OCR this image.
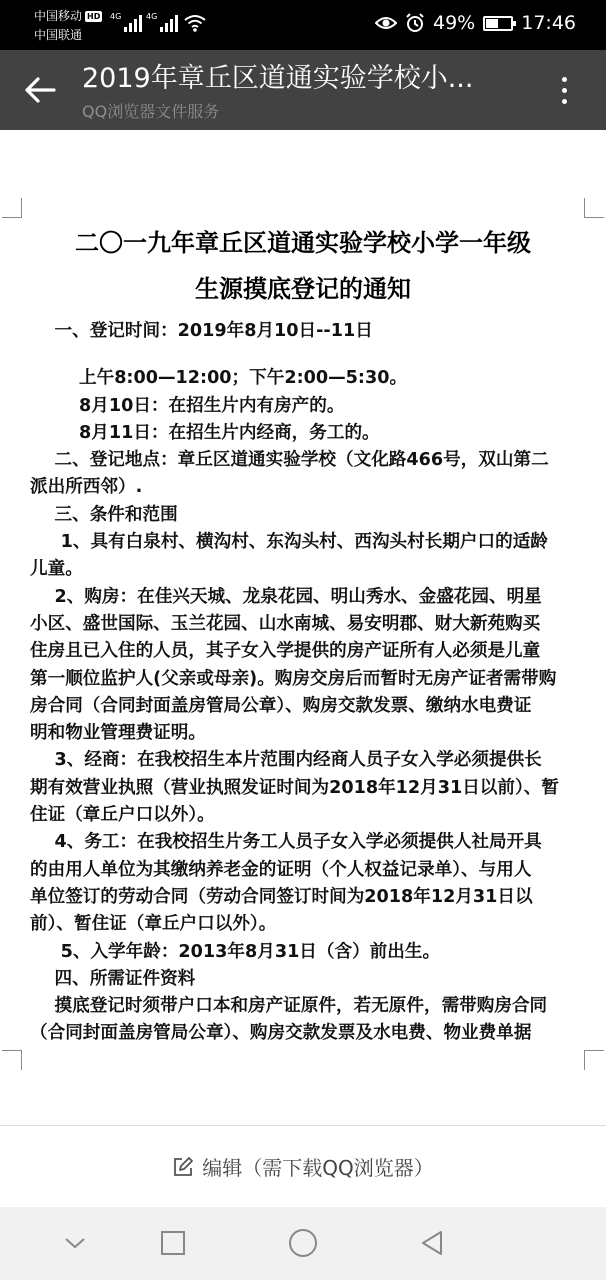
中国移动 HD
中国联通
4G	4G	49% 17:46
2019年章丘区道通实验学校小...
QQ浏览器文件服务
二〇一九年章丘区道通实验学校小学一年级
生源摸底登记的通知

一、登记时间：2019年8月10日--11日

上午8:00—12:00；下午2:00—5:30。

8月10日：在招生片内有房产的。

8月11日：在招生片内经商，务工的。

二、登记地点：章丘区道通实验学校（文化路466号，双山第二

派出所西邻）.

三、条件和范围

1、具有白泉村、横沟村、东沟头村、西沟头村长期户口的适龄

儿童。

2、购房：在佳兴天城、龙泉花园、明山秀水、金盛花园、明星

小区、盛世国际、玉兰花园、山水南城、易安明郡、财大新苑购买

住房且已入住的人员，其子女入学提供的房产证所有人必须是儿童

第一顺位监护人(父亲或母亲)。购房交房后而暂时无房产证者需带购

房合同（合同封面盖房管局公章）、购房交款发票、缴纳水电费证

明和物业管理费证明。

3、经商：在我校招生本片范围内经商人员子女入学必须提供长

期有效营业执照（营业执照发证时间为2018年12月31日以前）、暂

住证（章丘户口以外）。

4、务工：在我校招生片务工人员子女入学必须提供人社局开具

的由用人单位为其缴纳养老金的证明（个人权益记录单）、与用人

单位签订的劳动合同（劳动合同签订时间为2018年12月31日以

前）、暂住证（章丘户口以外）。

5、入学年龄：2013年8月31日（含）前出生。

四、所需证件资料

摸底登记时须带户口本和房产证原件，若无原件，需带购房合同

（合同封面盖房管局公章）、购房交款发票及水电费、物业费单据

编辑（需下载QQ浏览器）
